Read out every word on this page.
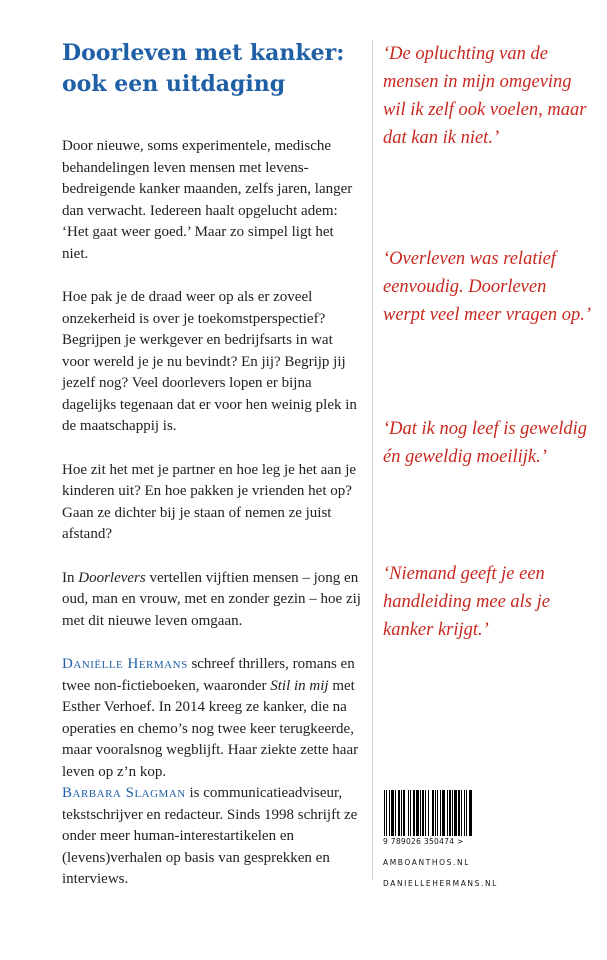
Doorleven met kanker:
ook een uitdaging

Door nieuwe, soms experimentele, medische behandelingen leven mensen met levensbedreigende kanker maanden, zelfs jaren, langer dan verwacht. Iedereen haalt opgelucht adem: ‘Het gaat weer goed.’ Maar zo simpel ligt het niet.

Hoe pak je de draad weer op als er zoveel onzekerheid is over je toekomstperspectief? Begrijpen je werkgever en bedrijfsarts in wat voor wereld je je nu bevindt? En jij? Begrijp jij jezelf nog? Veel doorlevers lopen er bijna dagelijks tegenaan dat er voor hen weinig plek in de maatschappij is.

Hoe zit het met je partner en hoe leg je het aan je kinderen uit? En hoe pakken je vrienden het op? Gaan ze dichter bij je staan of nemen ze juist afstand?

In Doorlevers vertellen vijftien mensen – jong en oud, man en vrouw, met en zonder gezin – hoe zij met dit nieuwe leven omgaan.

Daniëlle Hermans schreef thrillers, romans en twee non-fictieboeken, waaronder Stil in mij met Esther Verhoef. In 2014 kreeg ze kanker, die na operaties en chemo’s nog twee keer terugkeerde, maar vooralsnog wegblijft. Haar ziekte zette haar leven op z’n kop.

Barbara Slagman is communicatieadviseur, tekstschrijver en redacteur. Sinds 1998 schrijft ze onder meer human-interestartikelen en (levens)verhalen op basis van gesprekken en interviews.

‘De opluchting van de mensen in mijn omgeving wil ik zelf ook voelen, maar dat kan ik niet.’

‘Overleven was relatief eenvoudig. Doorleven werpt veel meer vragen op.’

‘Dat ik nog leef is geweldig én geweldig moeilijk.’

‘Niemand geeft je een handleiding mee als je kanker krijgt.’

9 789026 350474 >

AMBOANTHOS.NL

DANIELLEHERMANS.NL
